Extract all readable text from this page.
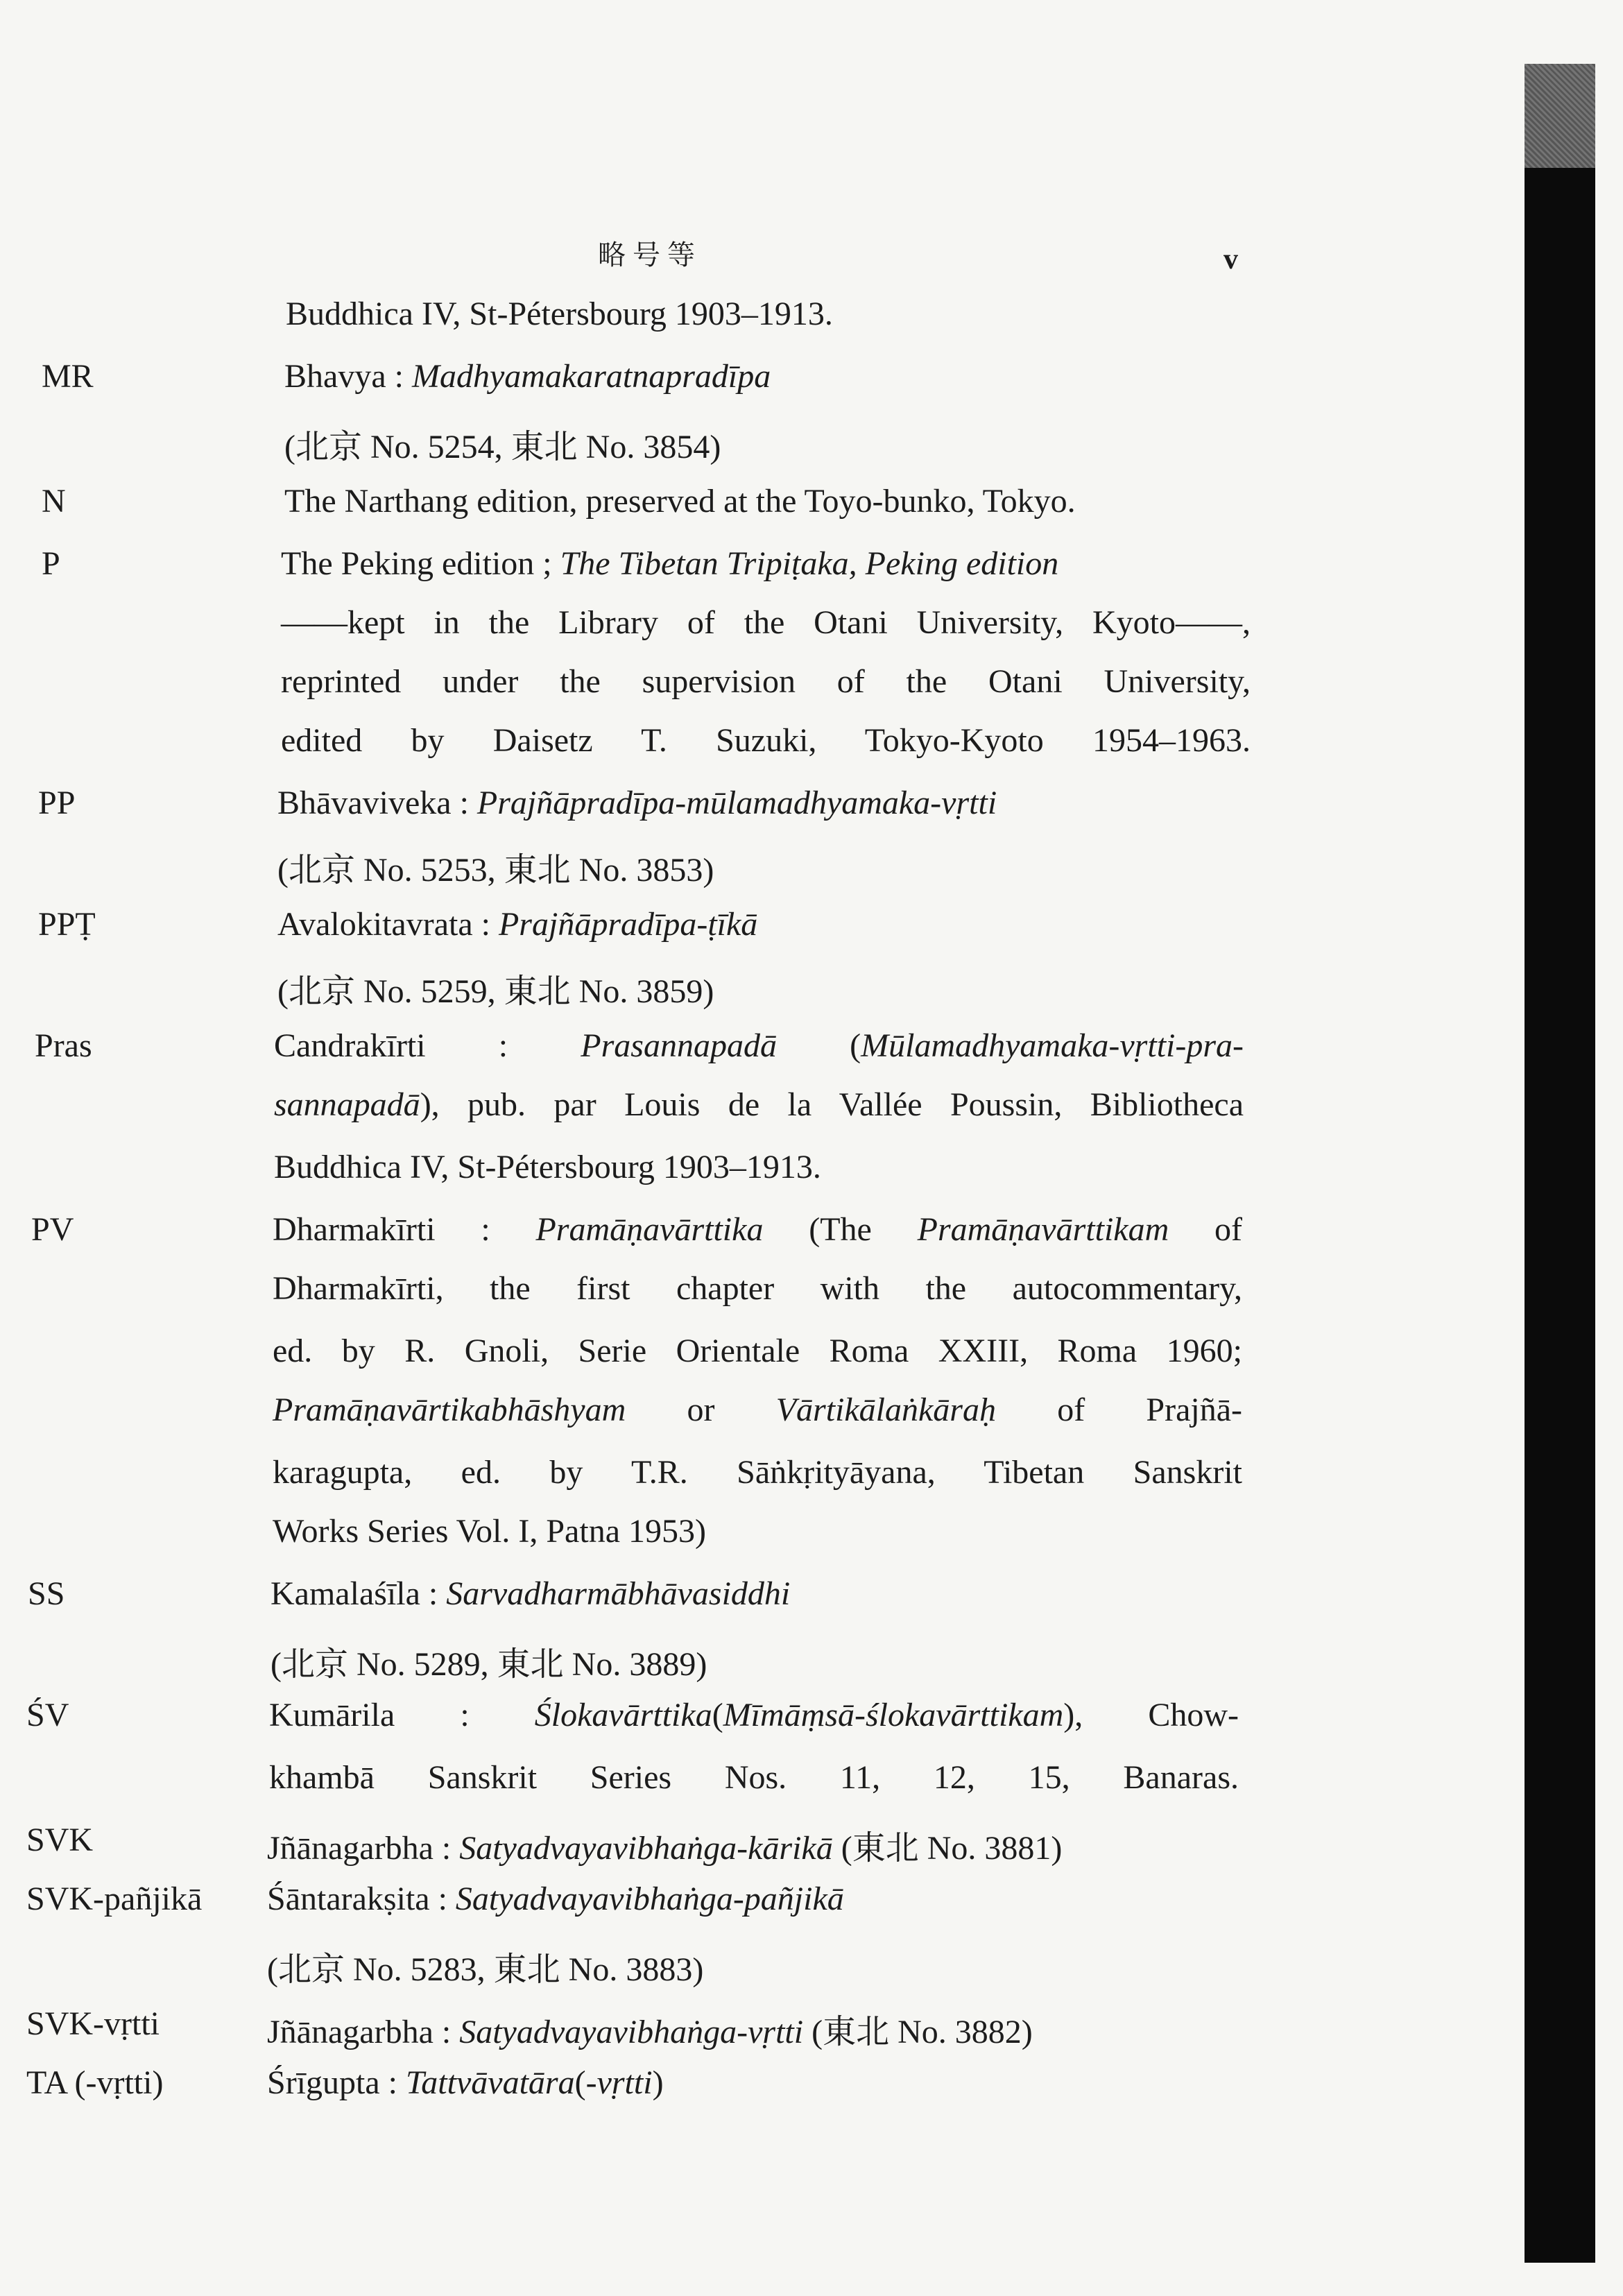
略号等	v
Buddhica IV, St-Pétersbourg 1903–1913.
MR	Bhavya : Madhyamakaratnapradīpa
(北京 No. 5254, 東北 No. 3854)
N	The Narthang edition, preserved at the Toyo-bunko, Tokyo.
P	The Peking edition ; The Tibetan Tripiṭaka, Peking edition
——kept in the Library of the Otani University, Kyoto——,
reprinted under the supervision of the Otani University,
edited by Daisetz T. Suzuki, Tokyo-Kyoto 1954–1963.
PP	Bhāvaviveka : Prajñāpradīpa-mūlamadhyamaka-vṛtti
(北京 No. 5253, 東北 No. 3853)
PPṬ	Avalokitavrata : Prajñāpradīpa-ṭīkā
(北京 No. 5259, 東北 No. 3859)
Pras	Candrakīrti : Prasannapadā (Mūlamadhyamaka-vṛtti-pra-
sannapadā), pub. par Louis de la Vallée Poussin, Bibliotheca
Buddhica IV, St-Pétersbourg 1903–1913.
PV	Dharmakīrti : Pramāṇavārttika (The Pramāṇavārttikam of
Dharmakīrti, the first chapter with the autocommentary,
ed. by R. Gnoli, Serie Orientale Roma XXIII, Roma 1960;
Pramāṇavārtikabhāshyam or Vārtikālaṅkāraḥ of Prajñā-
karagupta, ed. by T.R. Sāṅkṛityāyana, Tibetan Sanskrit
Works Series Vol. I, Patna 1953)
SS	Kamalaśīla : Sarvadharmābhāvasiddhi
(北京 No. 5289, 東北 No. 3889)
ŚV	Kumārila : Ślokavārttika(Mīmāṃsā-ślokavārttikam), Chow-
khambā Sanskrit Series Nos. 11, 12, 15, Banaras.
SVK	Jñānagarbha : Satyadvayavibhaṅga-kārikā (東北 No. 3881)
SVK-pañjikā Śāntarakṣita : Satyadvayavibhaṅga-pañjikā
(北京 No. 5283, 東北 No. 3883)
SVK-vṛtti	Jñānagarbha : Satyadvayavibhaṅga-vṛtti (東北 No. 3882)
TA (-vṛtti)	Śrīgupta : Tattvāvatāra(-vṛtti)
